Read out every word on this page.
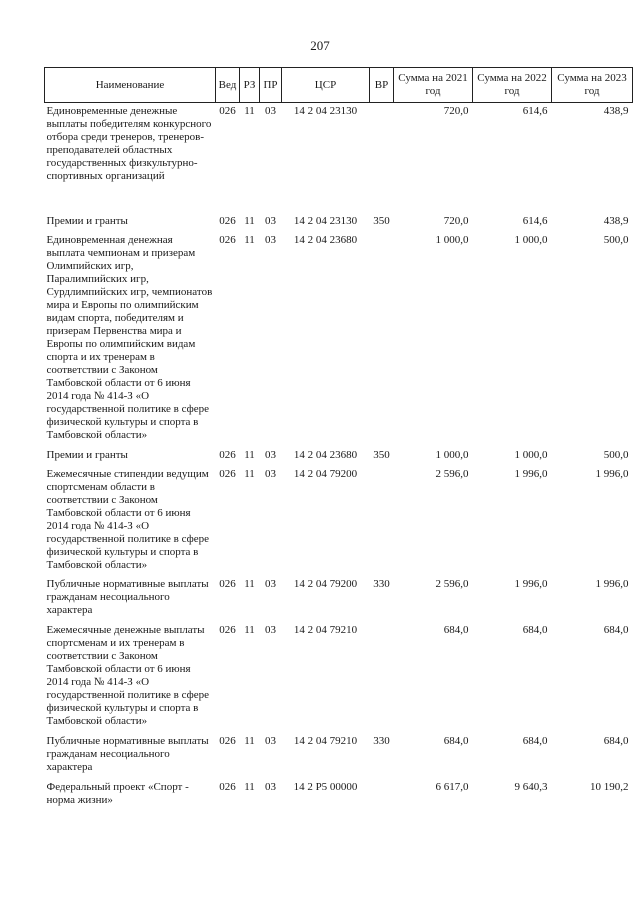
207
Наименование	Вед	РЗ	ПР	ЦСР	ВР	Сумма на 2021 год	Сумма на 2022 год	Сумма на 2023 год
Единовременные денежные выплаты победителям конкурсного отбора среди тренеров, тренеров-преподавателей областных государственных физкультурно-спортивных организаций	026	11	03	14 2 04 23130		720,0	614,6	438,9
Премии и гранты	026	11	03	14 2 04 23130	350	720,0	614,6	438,9
Единовременная денежная выплата чемпионам и призерам Олимпийских игр, Паралимпийских игр, Сурдлимпийских игр, чемпионатов мира и Европы по олимпийским видам спорта, победителям и призерам Первенства мира и Европы по олимпийским видам спорта и их тренерам в соответствии с Законом Тамбовской области от 6 июня 2014 года № 414-З «О государственной политике в сфере физической культуры и спорта в Тамбовской области»	026	11	03	14 2 04 23680		1 000,0	1 000,0	500,0
Премии и гранты	026	11	03	14 2 04 23680	350	1 000,0	1 000,0	500,0
Ежемесячные стипендии ведущим спортсменам области в соответствии с Законом Тамбовской области от 6 июня 2014 года № 414-З «О государственной политике в сфере физической культуры и спорта в Тамбовской области»	026	11	03	14 2 04 79200		2 596,0	1 996,0	1 996,0
Публичные нормативные выплаты гражданам несоциального характера	026	11	03	14 2 04 79200	330	2 596,0	1 996,0	1 996,0
Ежемесячные денежные выплаты спортсменам и их тренерам в соответствии с Законом Тамбовской области от 6 июня 2014 года № 414-З «О государственной политике в сфере физической культуры и спорта в Тамбовской области»	026	11	03	14 2 04 79210		684,0	684,0	684,0
Публичные нормативные выплаты гражданам несоциального характера	026	11	03	14 2 04 79210	330	684,0	684,0	684,0
Федеральный проект «Спорт - норма жизни»	026	11	03	14 2 P5 00000		6 617,0	9 640,3	10 190,2
